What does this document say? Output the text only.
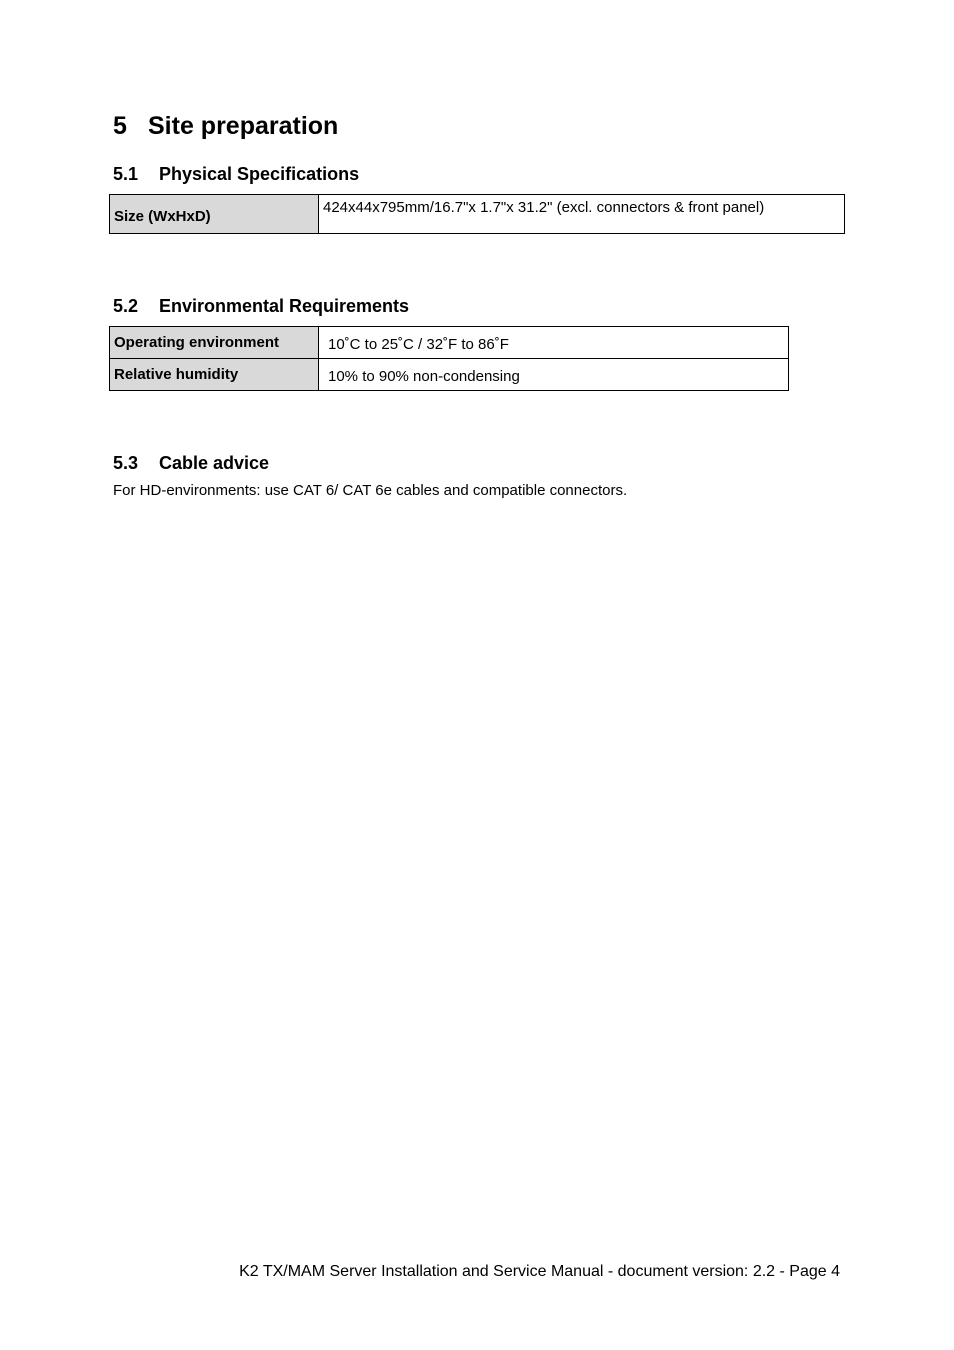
5 Site preparation
5.1 Physical Specifications
Size (WxHxD)	424x44x795mm/16.7"x 1.7"x 31.2" (excl. connectors & front panel)
5.2 Environmental Requirements
Operating environment	10˚C to 25˚C / 32˚F to 86˚F
Relative humidity	10% to 90% non-condensing
5.3 Cable advice

For HD-environments: use CAT 6/ CAT 6e cables and compatible connectors.

K2 TX/MAM Server Installation and Service Manual - document version: 2.2 - Page 4
